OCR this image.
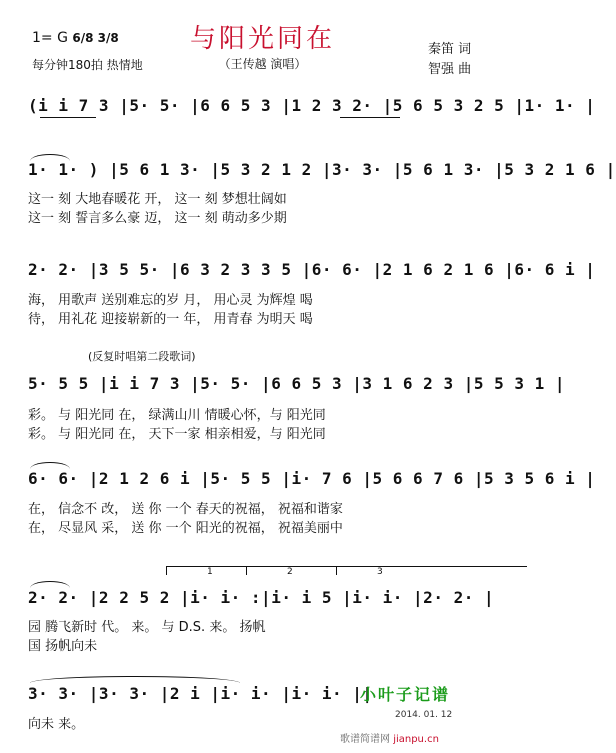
与阳光同在
1= G 6/8 3/8
每分钟180拍 热情地	（王传越 演唱）
秦笛 词
智强 曲
(i i 7 3 |5· 5· |6 6 5 3 |1 2 3 2· |5 6 5 3 2 5 |1· 1· |
1· 1· ) |5 6 1 3· |5 3 2 1 2 |3· 3· |5 6 1 3· |5 3 2 1 6 |
这一 刻 大地春暖花 开， 这一 刻 梦想壮阔如
这一 刻 誓言多么豪 迈， 这一 刻 萌动多少期
2· 2· |3 5 5· |6 3 2 3 3 5 |6· 6· |2 1 6 2 1 6 |6· 6 i |
海， 用歌声 送别难忘的岁 月， 用心灵 为辉煌 喝
待， 用礼花 迎接崭新的一 年， 用青春 为明天 喝
(反复时唱第二段歌词)
5· 5 5 |i i 7 3 |5· 5· |6 6 5 3 |3 1 6 2 3 |5 5 3 1 |
彩。 与 阳光同 在， 绿满山川 情暖心怀，与 阳光同
彩。 与 阳光同 在， 天下一家 相亲相爱，与 阳光同
6· 6· |2 1 2 6 i |5· 5 5 |i· 7 6 |5 6 6 7 6 |5 3 5 6 i |
在， 信念不 改， 送 你 一个 春天的祝福， 祝福和谐家
在， 尽显风 采， 送 你 一个 阳光的祝福， 祝福美丽中
1	2	3
2· 2· |2 2 5 2 |i· i· :|i· i 5 |i· i· |2· 2· |
园 腾飞新时 代。 来。 与 D.S. 来。 扬帆
国 扬帆向未
3· 3· |3· 3· |2 i |i· i· |i· i· ||
向未 来。
小叶子记谱
2014. 01. 12
歌谱简谱网 jianpu.cn
